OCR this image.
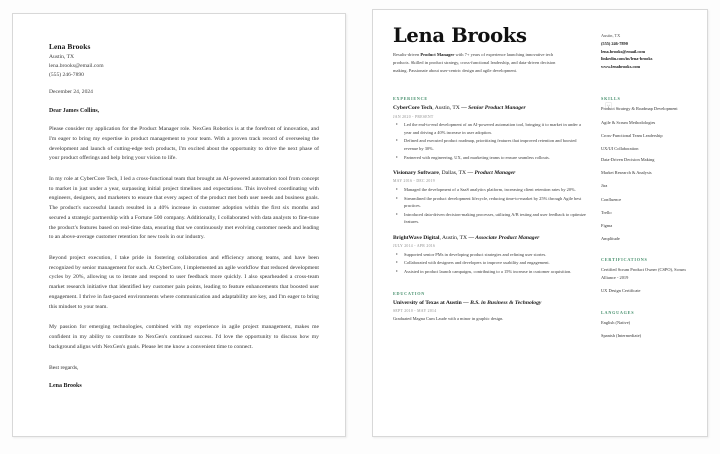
Lena Brooks
Austin, TX
lena.brooks@email.com
(555) 246-7890
December 24, 2024
Dear James Collins,
Please consider my application for the Product Manager role. NexGen Robotics is at the forefront of innovation, and I'm eager to bring my expertise in product management to your team. With a proven track record of overseeing the development and launch of cutting-edge tech products, I'm excited about the opportunity to drive the next phase of your product offerings and help bring your vision to life.
In my role at CyberCore Tech, I led a cross-functional team that brought an AI-powered automation tool from concept to market in just under a year, surpassing initial project timelines and expectations. This involved coordinating with engineers, designers, and marketers to ensure that every aspect of the product met both user needs and business goals. The product's successful launch resulted in a 40% increase in customer adoption within the first six months and secured a strategic partnership with a Fortune 500 company. Additionally, I collaborated with data analysts to fine-tune the product's features based on real-time data, ensuring that we continuously met evolving customer needs and leading to an above-average customer retention for new tools in our industry.
Beyond project execution, I take pride in fostering collaboration and efficiency among teams, and have been recognized by senior management for such. At CyberCore, I implemented an agile workflow that reduced development cycles by 20%, allowing us to iterate and respond to user feedback more quickly. I also spearheaded a cross-team market research initiative that identified key customer pain points, leading to feature enhancements that boosted user engagement. I thrive in fast-paced environments where communication and adaptability are key, and I'm eager to bring this mindset to your team.
My passion for emerging technologies, combined with my experience in agile project management, makes me confident in my ability to contribute to NexGen's continued success. I'd love the opportunity to discuss how my background aligns with NexGen's goals. Please let me know a convenient time to connect.
Best regards,
Lena Brooks
Lena Brooks
Results-driven Product Manager with 7+ years of experience launching innovative tech products. Skilled in product strategy, cross-functional leadership, and data-driven decision making. Passionate about user-centric design and agile development.
Austin, TX
(555) 246-7890
lena.brooks@email.com
linkedin.com/in/lena-brooks
www.lenabrooks.com
EXPERIENCE
CyberCore Tech, Austin, TX — Senior Product Manager
JAN 2020 - PRESENT
▸ Led the end-to-end development of an AI-powered automation tool, bringing it to market in under a year and driving a 40% increase in user adoption.
▸ Defined and executed product roadmap, prioritizing features that improved retention and boosted revenue by 30%.
▸ Partnered with engineering, UX, and marketing teams to ensure seamless rollouts.
Visionary Software, Dallas, TX — Product Manager
MAY 2016 - DEC 2019
▸ Managed the development of a SaaS analytics platform, increasing client retention rates by 20%.
▸ Streamlined the product development lifecycle, reducing time-to-market by 25% through Agile best practices.
▸ Introduced data-driven decision-making processes, utilizing A/B testing and user feedback to optimize features.
BrightWave Digital, Austin, TX — Associate Product Manager
JULY 2014 - APR 2016
▸ Supported senior PMs in developing product strategies and refining user stories.
▸ Collaborated with designers and developers to improve usability and engagement.
▸ Assisted in product launch campaigns, contributing to a 15% increase in customer acquisition.
EDUCATION
University of Texas at Austin — B.S. in Business & Technology
SEPT 2010 - MAY 2014
Graduated Magna Cum Laude with a minor in graphic design.
SKILLS
Product Strategy & Roadmap Development
Agile & Scrum Methodologies
Cross-Functional Team Leadership
UX/UI Collaboration
Data-Driven Decision Making
Market Research & Analysis
Jira
Confluence
Trello
Figma
Amplitude
CERTIFICATIONS
Certified Scrum Product Owner (CSPO), Scrum Alliance - 2019
UX Design Certificate
LANGUAGES
English (Native)
Spanish (Intermediate)
